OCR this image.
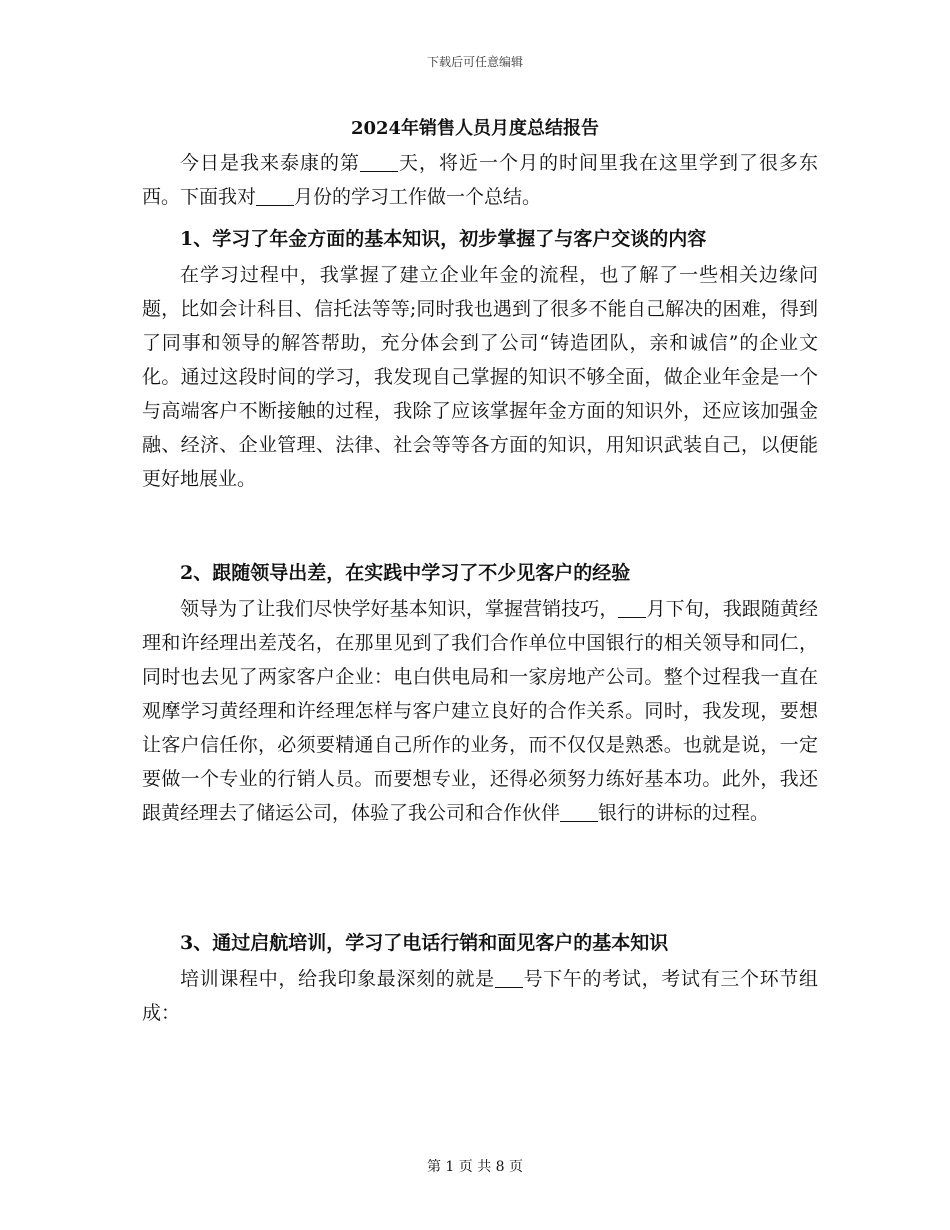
下载后可任意编辑
2024年销售人员月度总结报告
今日是我来泰康的第 天，将近一个月的时间里我在这里学到了很多东西。下面我对 月份的学习工作做一个总结。
1、学习了年金方面的基本知识，初步掌握了与客户交谈的内容
在学习过程中，我掌握了建立企业年金的流程，也了解了一些相关边缘问题，比如会计科目、信托法等等;同时我也遇到了很多不能自己解决的困难，得到了同事和领导的解答帮助，充分体会到了公司“铸造团队，亲和诚信”的企业文化。通过这段时间的学习，我发现自己掌握的知识不够全面，做企业年金是一个与高端客户不断接触的过程，我除了应该掌握年金方面的知识外，还应该加强金融、经济、企业管理、法律、社会等等各方面的知识，用知识武装自己，以便能更好地展业。
2、跟随领导出差，在实践中学习了不少见客户的经验
领导为了让我们尽快学好基本知识，掌握营销技巧， 月下旬，我跟随黄经理和许经理出差茂名，在那里见到了我们合作单位中国银行的相关领导和同仁，同时也去见了两家客户企业：电白供电局和一家房地产公司。整个过程我一直在观摩学习黄经理和许经理怎样与客户建立良好的合作关系。同时，我发现，要想让客户信任你，必须要精通自己所作的业务，而不仅仅是熟悉。也就是说，一定要做一个专业的行销人员。而要想专业，还得必须努力练好基本功。此外，我还跟黄经理去了储运公司，体验了我公司和合作伙伴 银行的讲标的过程。
3、通过启航培训，学习了电话行销和面见客户的基本知识
培训课程中，给我印象最深刻的就是 号下午的考试，考试有三个环节组成：
第 1 页 共 8 页
